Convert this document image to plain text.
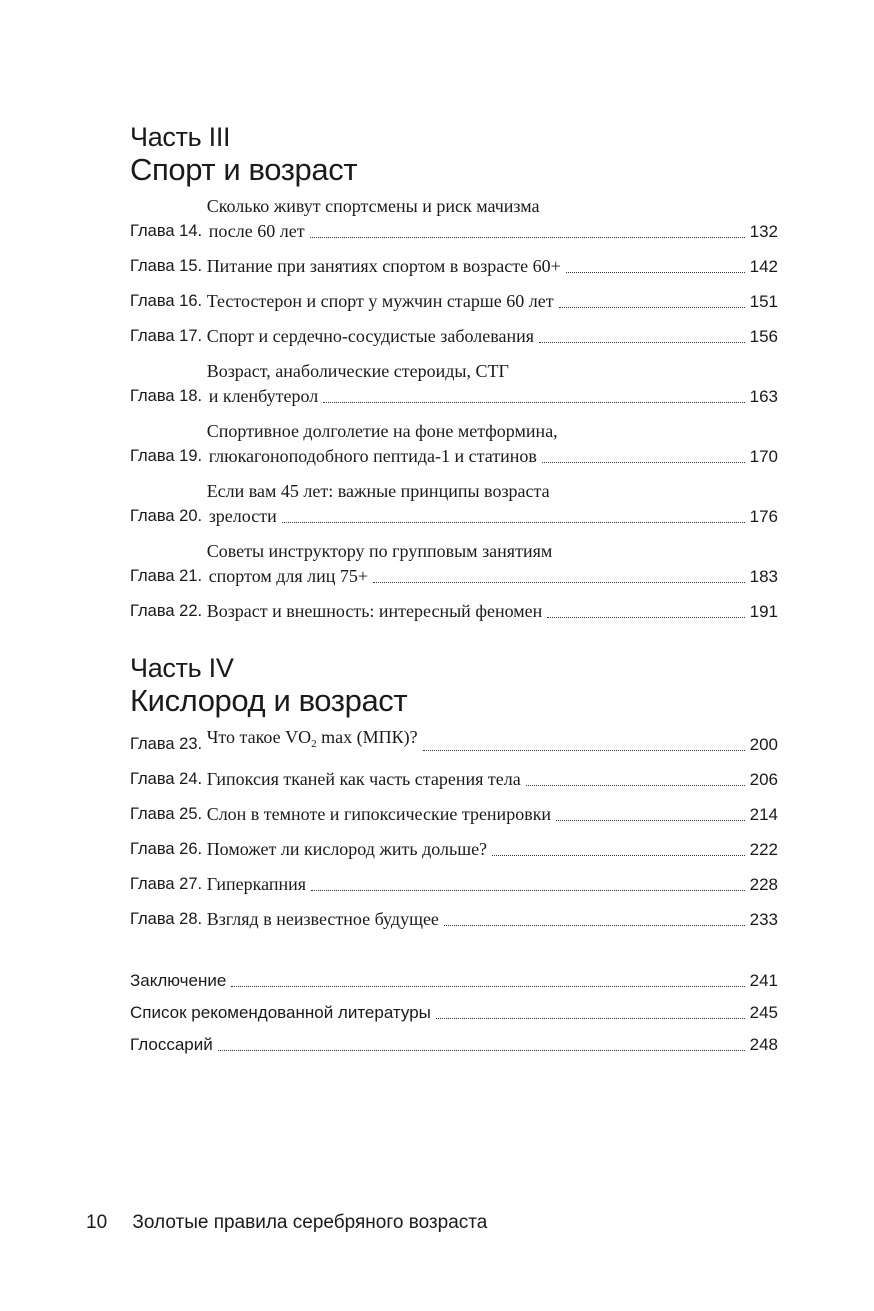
Часть III
Спорт и возраст
Глава 14.
Сколько живут спортсмены и риск мачизма
после 60 лет	132
Глава 15. Питание при занятиях спортом в возрасте 60+	142
Глава 16. Тестостерон и спорт у мужчин старше 60 лет	151
Глава 17. Спорт и сердечно-сосудистые заболевания	156
Глава 18.
Возраст, анаболические стероиды, СТГ
и кленбутерол	163
Глава 19.
Спортивное долголетие на фоне метформина,
глюкагоноподобного пептида-1 и статинов	170
Глава 20.
Если вам 45 лет: важные принципы возраста
зрелости	176
Глава 21.
Советы инструктору по групповым занятиям
спортом для лиц 75+	183
Глава 22. Возраст и внешность: интересный феномен	191
Часть IV
Кислород и возраст
Глава 23. Что такое $VO_2$ max (МПК)?	200
Глава 24. Гипоксия тканей как часть старения тела	206
Глава 25. Слон в темноте и гипоксические тренировки	214
Глава 26. Поможет ли кислород жить дольше?	222
Глава 27. Гиперкапния	228
Глава 28. Взгляд в неизвестное будущее	233
Заключение	241
Список рекомендованной литературы	245
Глоссарий	248
10 Золотые правила серебряного возраста
